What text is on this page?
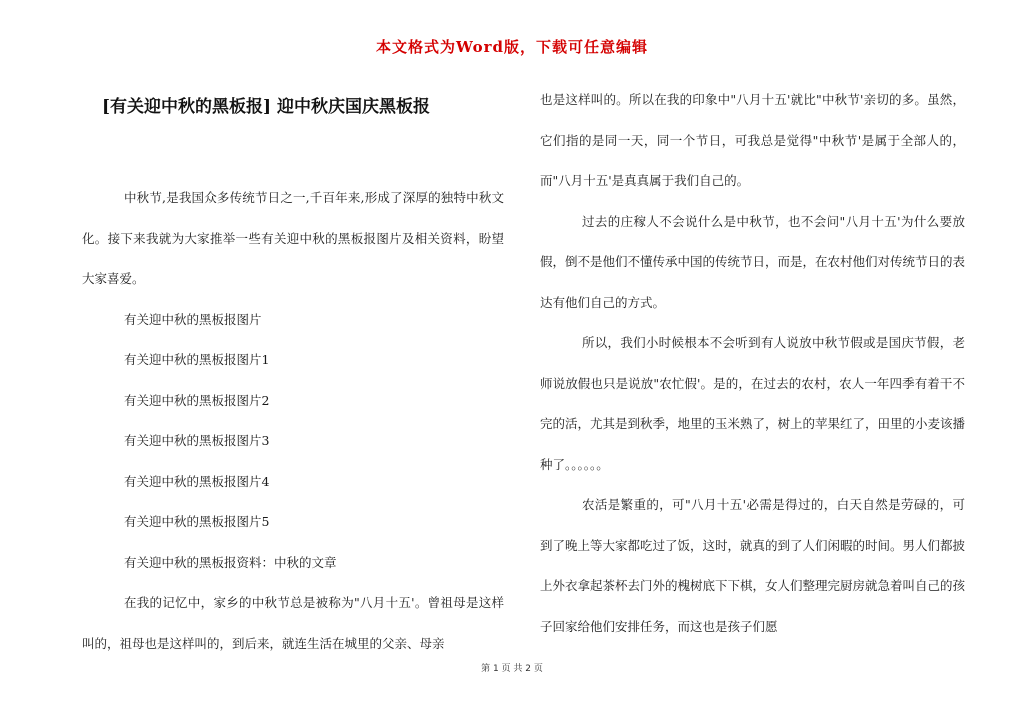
本文格式为Word版，下载可任意编辑
[有关迎中秋的黑板报] 迎中秋庆国庆黑板报

中秋节,是我国众多传统节日之一,千百年来,形成了深厚的独特中秋文化。接下来我就为大家推举一些有关迎中秋的黑板报图片及相关资料，盼望大家喜爱。

有关迎中秋的黑板报图片

有关迎中秋的黑板报图片1

有关迎中秋的黑板报图片2

有关迎中秋的黑板报图片3

有关迎中秋的黑板报图片4

有关迎中秋的黑板报图片5

有关迎中秋的黑板报资料：中秋的文章

在我的记忆中，家乡的中秋节总是被称为"八月十五'。曾祖母是这样叫的，祖母也是这样叫的，到后来，就连生活在城里的父亲、母亲

也是这样叫的。所以在我的印象中"八月十五'就比"中秋节'亲切的多。虽然，它们指的是同一天，同一个节日，可我总是觉得"中秋节'是属于全部人的，而"八月十五'是真真属于我们自己的。

过去的庄稼人不会说什么是中秋节，也不会问"八月十五'为什么要放假，倒不是他们不懂传承中国的传统节日，而是，在农村他们对传统节日的表达有他们自己的方式。

所以，我们小时候根本不会听到有人说放中秋节假或是国庆节假，老师说放假也只是说放"农忙假'。是的，在过去的农村，农人一年四季有着干不完的活，尤其是到秋季，地里的玉米熟了，树上的苹果红了，田里的小麦该播种了。。。。。。

农活是繁重的，可"八月十五'必需是得过的，白天自然是劳碌的，可到了晚上等大家都吃过了饭，这时，就真的到了人们闲暇的时间。男人们都披上外衣拿起茶杯去门外的槐树底下下棋，女人们整理完厨房就急着叫自己的孩子回家给他们安排任务，而这也是孩子们愿

第 1 页 共 2 页
